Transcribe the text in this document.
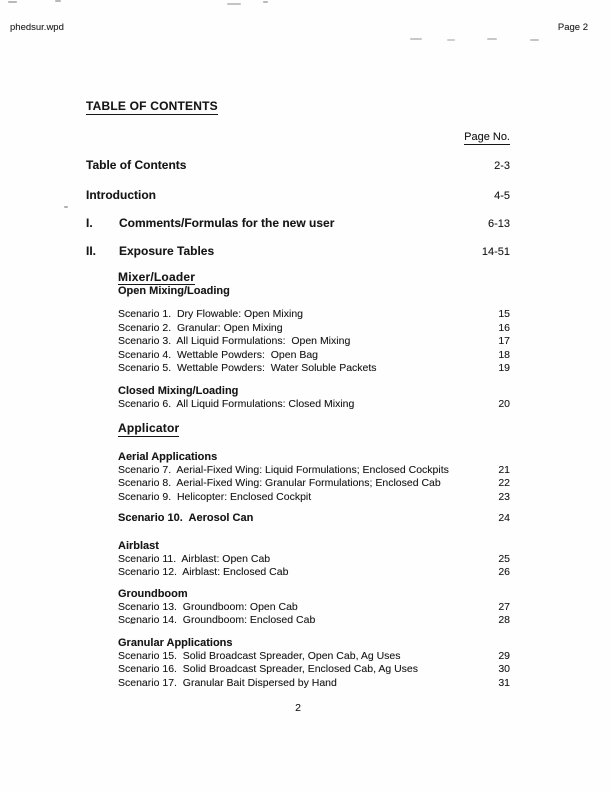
phedsur.wpd	Page 2
TABLE OF CONTENTS
Page No.
Table of Contents	2-3
Introduction	4-5
I.	Comments/Formulas for the new user	6-13
II.	Exposure Tables	14-51
Mixer/Loader
Open Mixing/Loading
Scenario 1.  Dry Flowable: Open Mixing	15
Scenario 2.  Granular: Open Mixing	16
Scenario 3.  All Liquid Formulations:  Open Mixing	17
Scenario 4.  Wettable Powders:  Open Bag	18
Scenario 5.  Wettable Powders:  Water Soluble Packets	19
Closed Mixing/Loading
Scenario 6.  All Liquid Formulations: Closed Mixing	20
Applicator
Aerial Applications
Scenario 7.  Aerial-Fixed Wing: Liquid Formulations; Enclosed Cockpits	21
Scenario 8.  Aerial-Fixed Wing: Granular Formulations; Enclosed Cab	22
Scenario 9.  Helicopter: Enclosed Cockpit	23
Scenario 10.  Aerosol Can	24
Airblast
Scenario 11.  Airblast: Open Cab	25
Scenario 12.  Airblast: Enclosed Cab	26
Groundboom
Scenario 13.  Groundboom: Open Cab	27
Scenario 14.  Groundboom: Enclosed Cab	28
Granular Applications
Scenario 15.  Solid Broadcast Spreader, Open Cab, Ag Uses	29
Scenario 16.  Solid Broadcast Spreader, Enclosed Cab, Ag Uses	30
Scenario 17.  Granular Bait Dispersed by Hand	31
2
